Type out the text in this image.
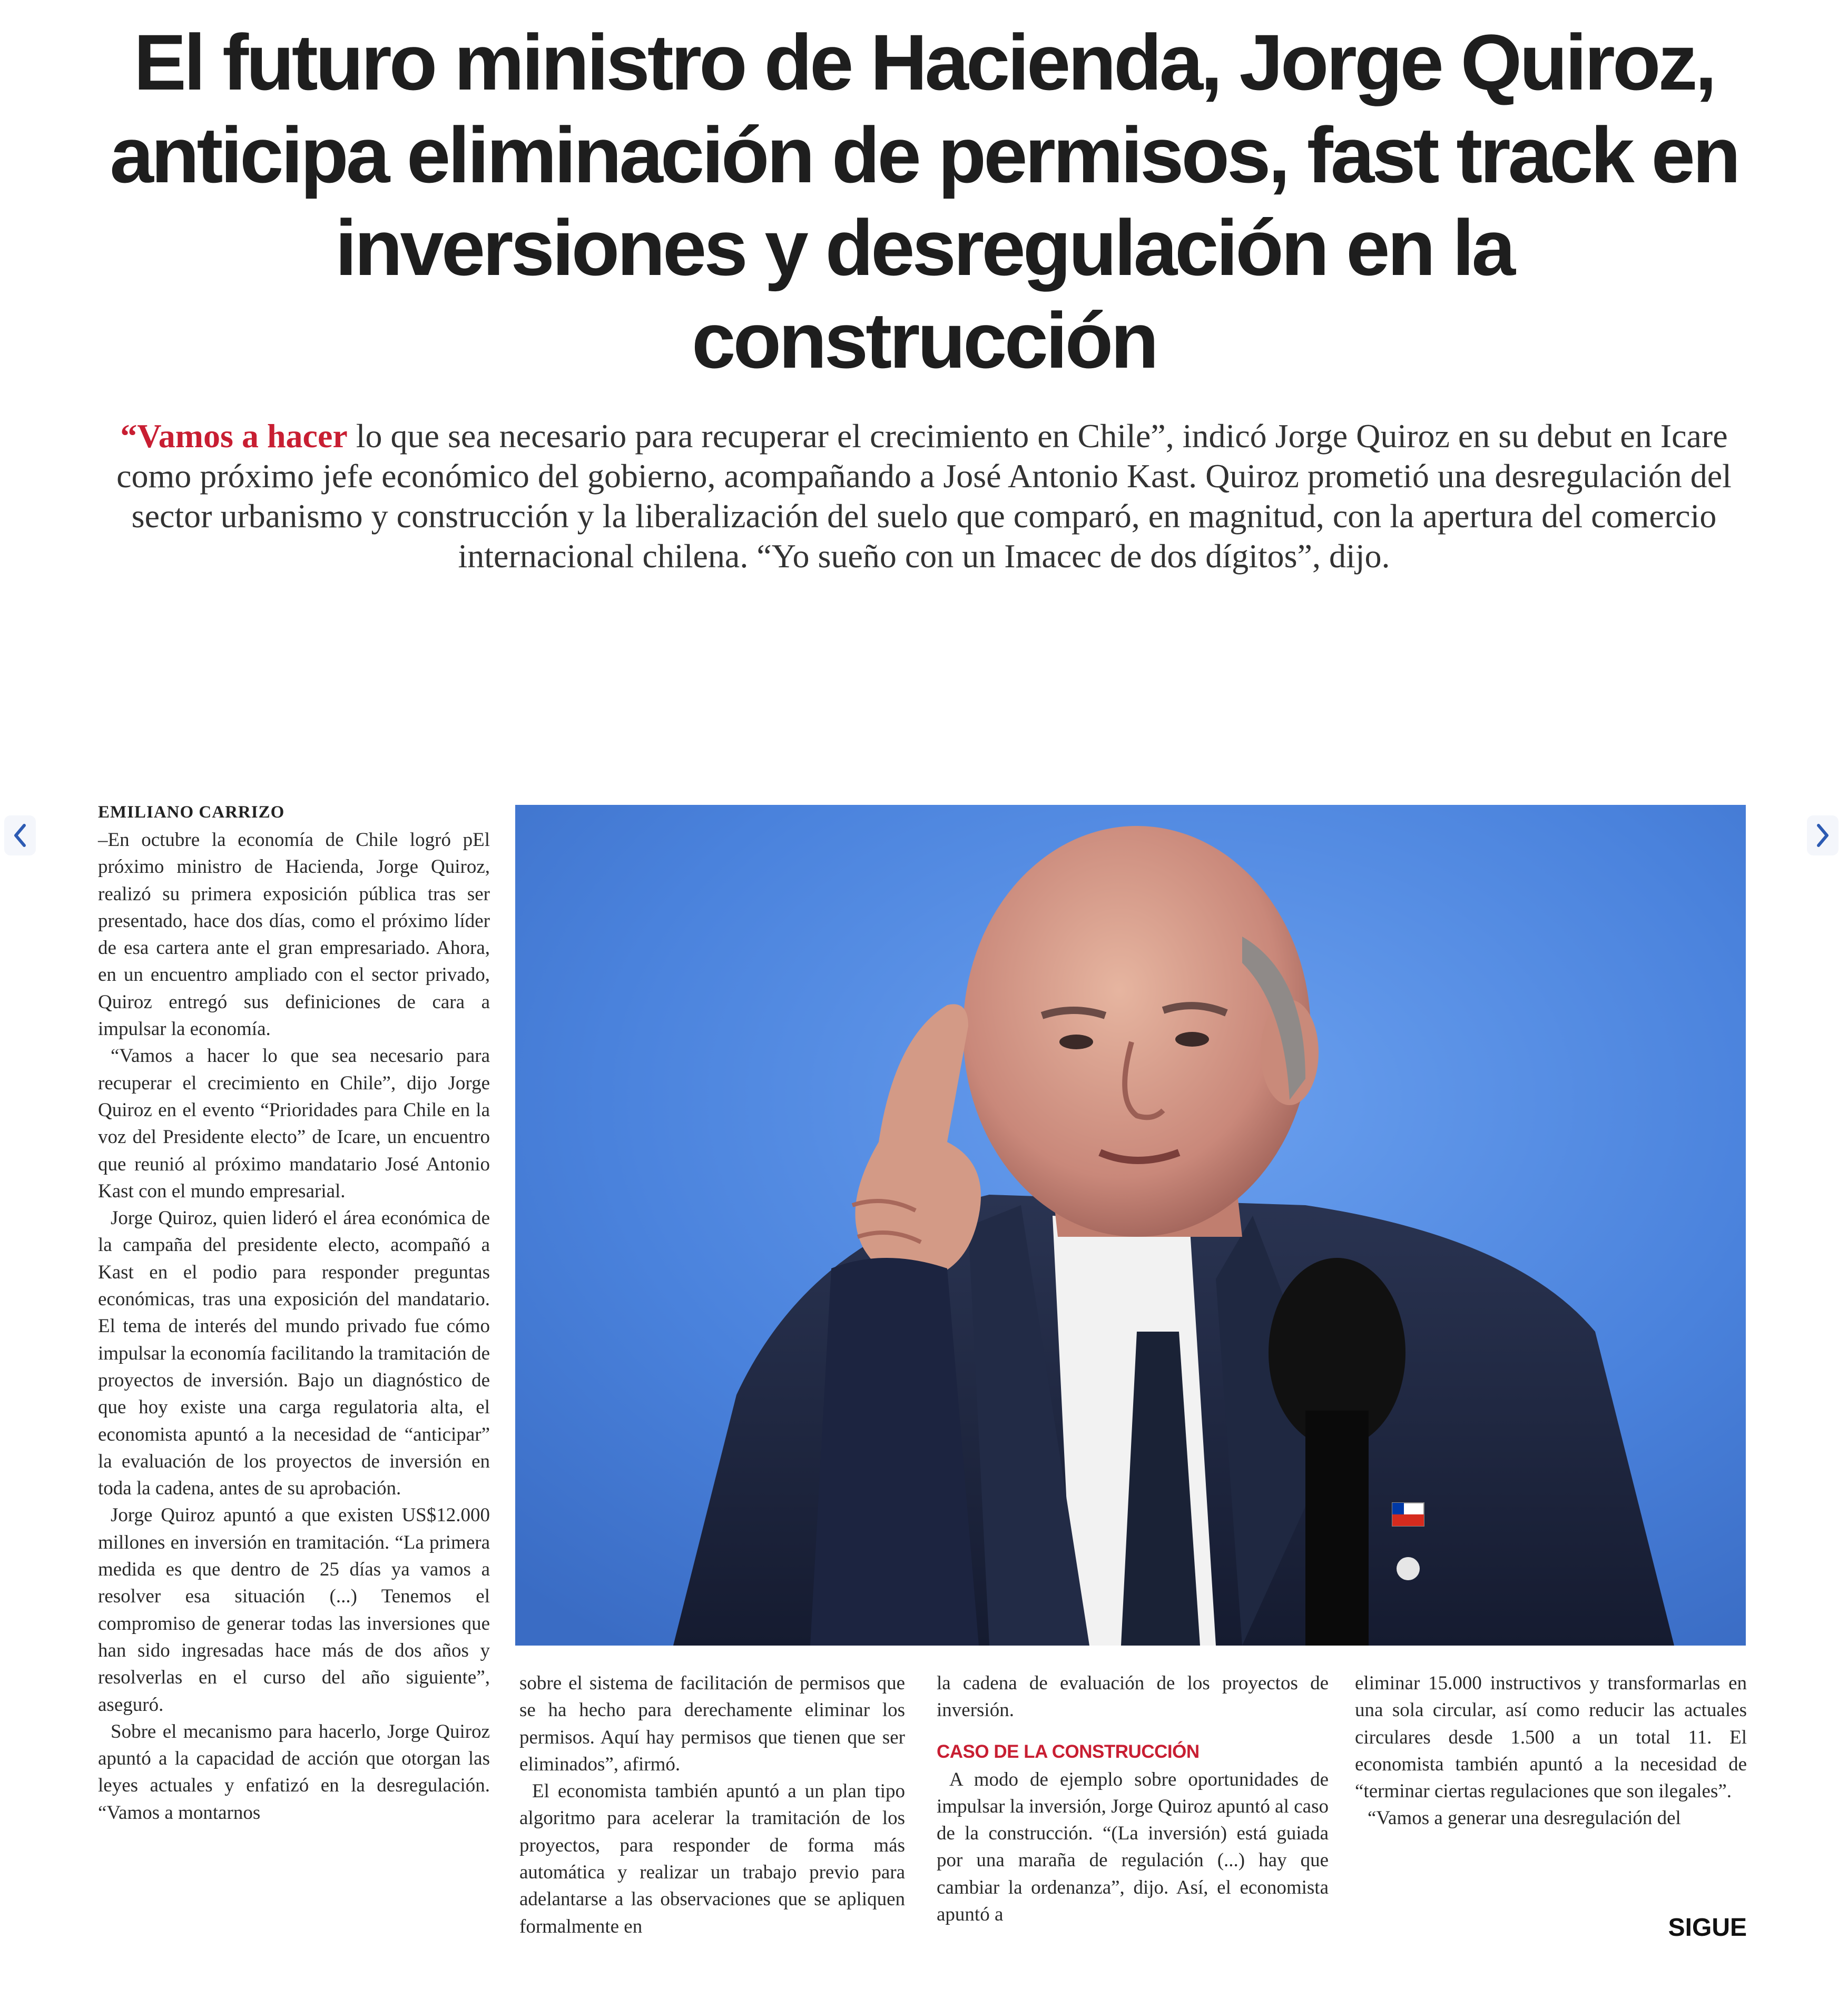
El futuro ministro de Hacienda, Jorge Quiroz, anticipa eliminación de permisos, fast track en inversiones y desregulación en la construcción

“Vamos a hacer lo que sea necesario para recuperar el crecimiento en Chile”, indicó Jorge Quiroz en su debut en Icare como próximo jefe económico del gobierno, acompañando a José Antonio Kast. Quiroz prometió una desregulación del sector urbanismo y construcción y la liberalización del suelo que comparó, en magnitud, con la apertura del comercio internacional chilena. “Yo sueño con un Imacec de dos dígitos”, dijo.

EMILIANO CARRIZO

–En octubre la economía de Chile logró pEl próximo ministro de Hacienda, Jorge Quiroz, realizó su primera exposición pública tras ser presentado, hace dos días, como el próximo líder de esa cartera ante el gran empresariado. Ahora, en un encuentro ampliado con el sector privado, Quiroz entregó sus definiciones de cara a impulsar la economía.

“Vamos a hacer lo que sea necesario para recuperar el crecimiento en Chile”, dijo Jorge Quiroz en el evento “Prioridades para Chile en la voz del Presidente electo” de Icare, un encuentro que reunió al próximo mandatario José Antonio Kast con el mundo empresarial.

Jorge Quiroz, quien lideró el área económica de la campaña del presidente electo, acompañó a Kast en el podio para responder preguntas económicas, tras una exposición del mandatario. El tema de interés del mundo privado fue cómo impulsar la economía facilitando la tramitación de proyectos de inversión. Bajo un diagnóstico de que hoy existe una carga regulatoria alta, el economista apuntó a la necesidad de “anticipar” la evaluación de los proyectos de inversión en toda la cadena, antes de su aprobación.

Jorge Quiroz apuntó a que existen US$12.000 millones en inversión en tramitación. “La primera medida es que dentro de 25 días ya vamos a resolver esa situación (...) Tenemos el compromiso de generar todas las inversiones que han sido ingresadas hace más de dos años y resolverlas en el curso del año siguiente”, aseguró.

Sobre el mecanismo para hacerlo, Jorge Quiroz apuntó a la capacidad de acción que otorgan las leyes actuales y enfatizó en la desregulación. “Vamos a montarnos

sobre el sistema de facilitación de permisos que se ha hecho para derechamente eliminar los permisos. Aquí hay permisos que tienen que ser eliminados”, afirmó.

El economista también apuntó a un plan tipo algoritmo para acelerar la tramitación de los proyectos, para responder de forma más automática y realizar un trabajo previo para adelantarse a las observaciones que se apliquen formalmente en

la cadena de evaluación de los proyectos de inversión.

CASO DE LA CONSTRUCCIÓN

A modo de ejemplo sobre oportunidades de impulsar la inversión, Jorge Quiroz apuntó al caso de la construcción. “(La inversión) está guiada por una maraña de regulación (...) hay que cambiar la ordenanza”, dijo. Así, el economista apuntó a

eliminar 15.000 instructivos y transformarlas en una sola circular, así como reducir las actuales circulares desde 1.500 a un total 11. El economista también apuntó a la necesidad de “terminar ciertas regulaciones que son ilegales”.

“Vamos a generar una desregulación del

SIGUE
